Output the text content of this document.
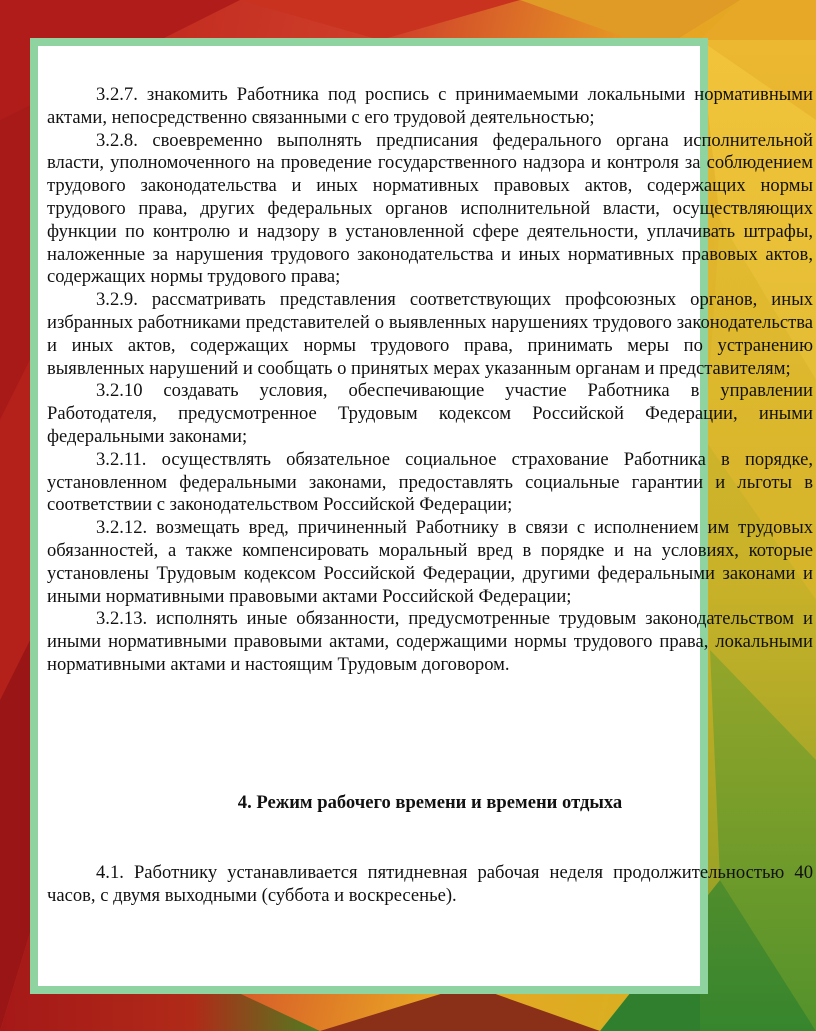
3.2.7. знакомить Работника под роспись с принимаемыми локальными нормативными актами, непосредственно связанными с его трудовой деятельностью;

3.2.8. своевременно выполнять предписания федерального органа исполнительной власти, уполномоченного на проведение государственного надзора и контроля за соблюдением трудового законодательства и иных нормативных правовых актов, содержащих нормы трудового права, других федеральных органов исполнительной власти, осуществляющих функции по контролю и надзору в установленной сфере деятельности, уплачивать штрафы, наложенные за нарушения трудового законодательства и иных нормативных правовых актов, содержащих нормы трудового права;

3.2.9. рассматривать представления соответствующих профсоюзных органов, иных избранных работниками представителей о выявленных нарушениях трудового законодательства и иных актов, содержащих нормы трудового права, принимать меры по устранению выявленных нарушений и сообщать о принятых мерах указанным органам и представителям;

3.2.10 создавать условия, обеспечивающие участие Работника в управлении Работодателя, предусмотренное Трудовым кодексом Российской Федерации, иными федеральными законами;

3.2.11. осуществлять обязательное социальное страхование Работника в порядке, установленном федеральными законами, предоставлять социальные гарантии и льготы в соответствии с законодательством Российской Федерации;

3.2.12. возмещать вред, причиненный Работнику в связи с исполнением им трудовых обязанностей, а также компенсировать моральный вред в порядке и на условиях, которые установлены Трудовым кодексом Российской Федерации, другими федеральными законами и иными нормативными правовыми актами Российской Федерации;

3.2.13. исполнять иные обязанности, предусмотренные трудовым законодательством и иными нормативными правовыми актами, содержащими нормы трудового права, локальными нормативными актами и настоящим Трудовым договором.

4. Режим рабочего времени и времени отдыха

4.1. Работнику устанавливается пятидневная рабочая неделя продолжительностью 40 часов, с двумя выходными (суббота и воскресенье).
